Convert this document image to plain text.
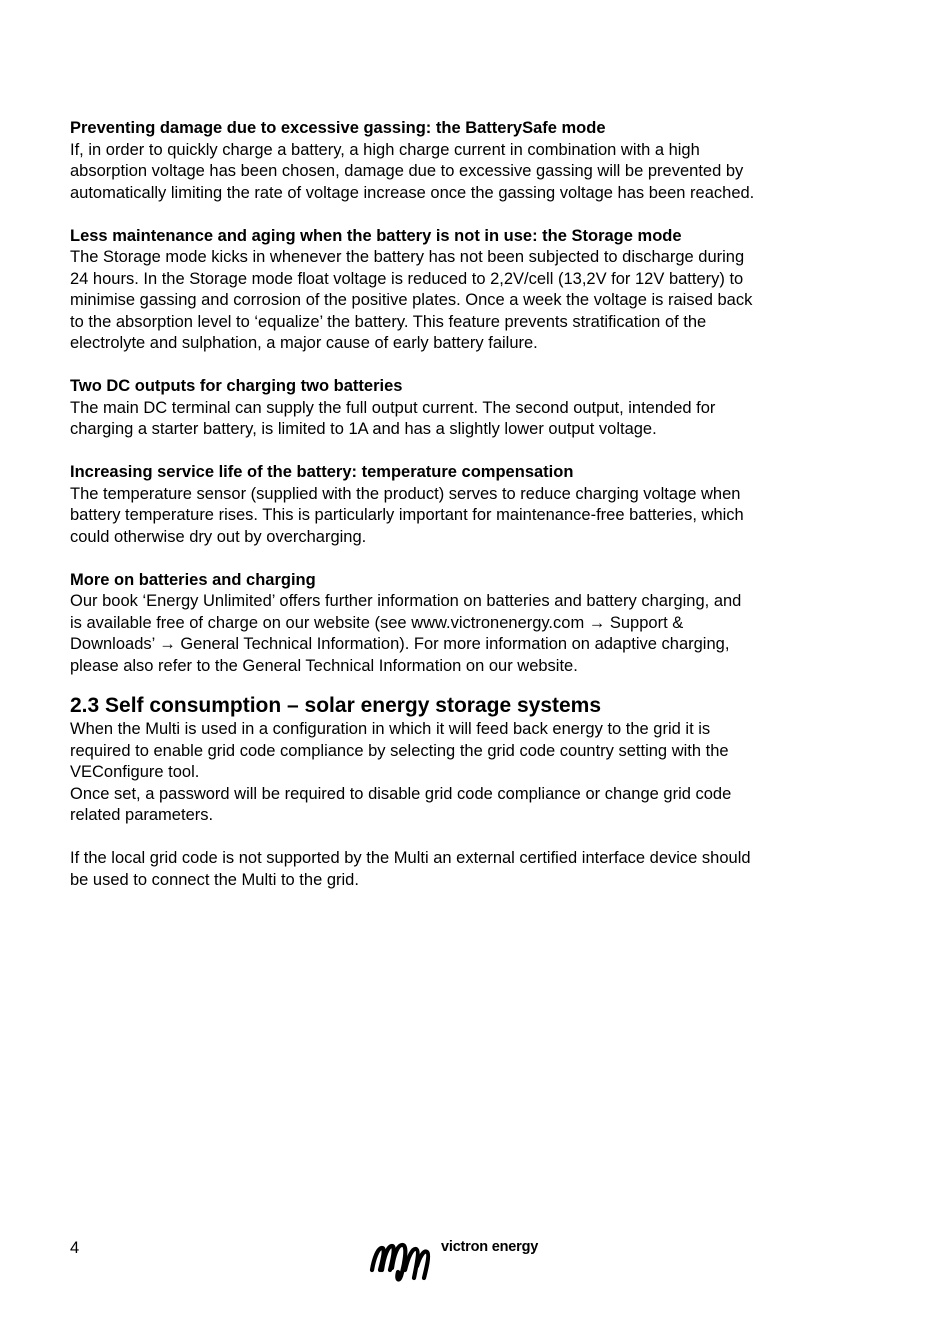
Preventing damage due to excessive gassing: the BatterySafe mode

If, in order to quickly charge a battery, a high charge current in combination with a high

absorption voltage has been chosen, damage due to excessive gassing will be prevented by

automatically limiting the rate of voltage increase once the gassing voltage has been reached.

Less maintenance and aging when the battery is not in use: the Storage mode

The Storage mode kicks in whenever the battery has not been subjected to discharge during

24 hours. In the Storage mode float voltage is reduced to 2,2V/cell (13,2V for 12V battery) to

minimise gassing and corrosion of the positive plates. Once a week the voltage is raised back

to the absorption level to ‘equalize’ the battery. This feature prevents stratification of the

electrolyte and sulphation, a major cause of early battery failure.

Two DC outputs for charging two batteries

The main DC terminal can supply the full output current. The second output, intended for

charging a starter battery, is limited to 1A and has a slightly lower output voltage.

Increasing service life of the battery: temperature compensation

The temperature sensor (supplied with the product) serves to reduce charging voltage when

battery temperature rises. This is particularly important for maintenance-free batteries, which

could otherwise dry out by overcharging.

More on batteries and charging

Our book ‘Energy Unlimited’ offers further information on batteries and battery charging, and

is available free of charge on our website (see www.victronenergy.com → Support &

Downloads’ → General Technical Information). For more information on adaptive charging,

please also refer to the General Technical Information on our website.

2.3 Self consumption – solar energy storage systems

When the Multi is used in a configuration in which it will feed back energy to the grid it is

required to enable grid code compliance by selecting the grid code country setting with the

VEConfigure tool.

Once set, a password will be required to disable grid code compliance or change grid code

related parameters.

If the local grid code is not supported by the Multi an external certified interface device should

be used to connect the Multi to the grid.

4	victron energy
